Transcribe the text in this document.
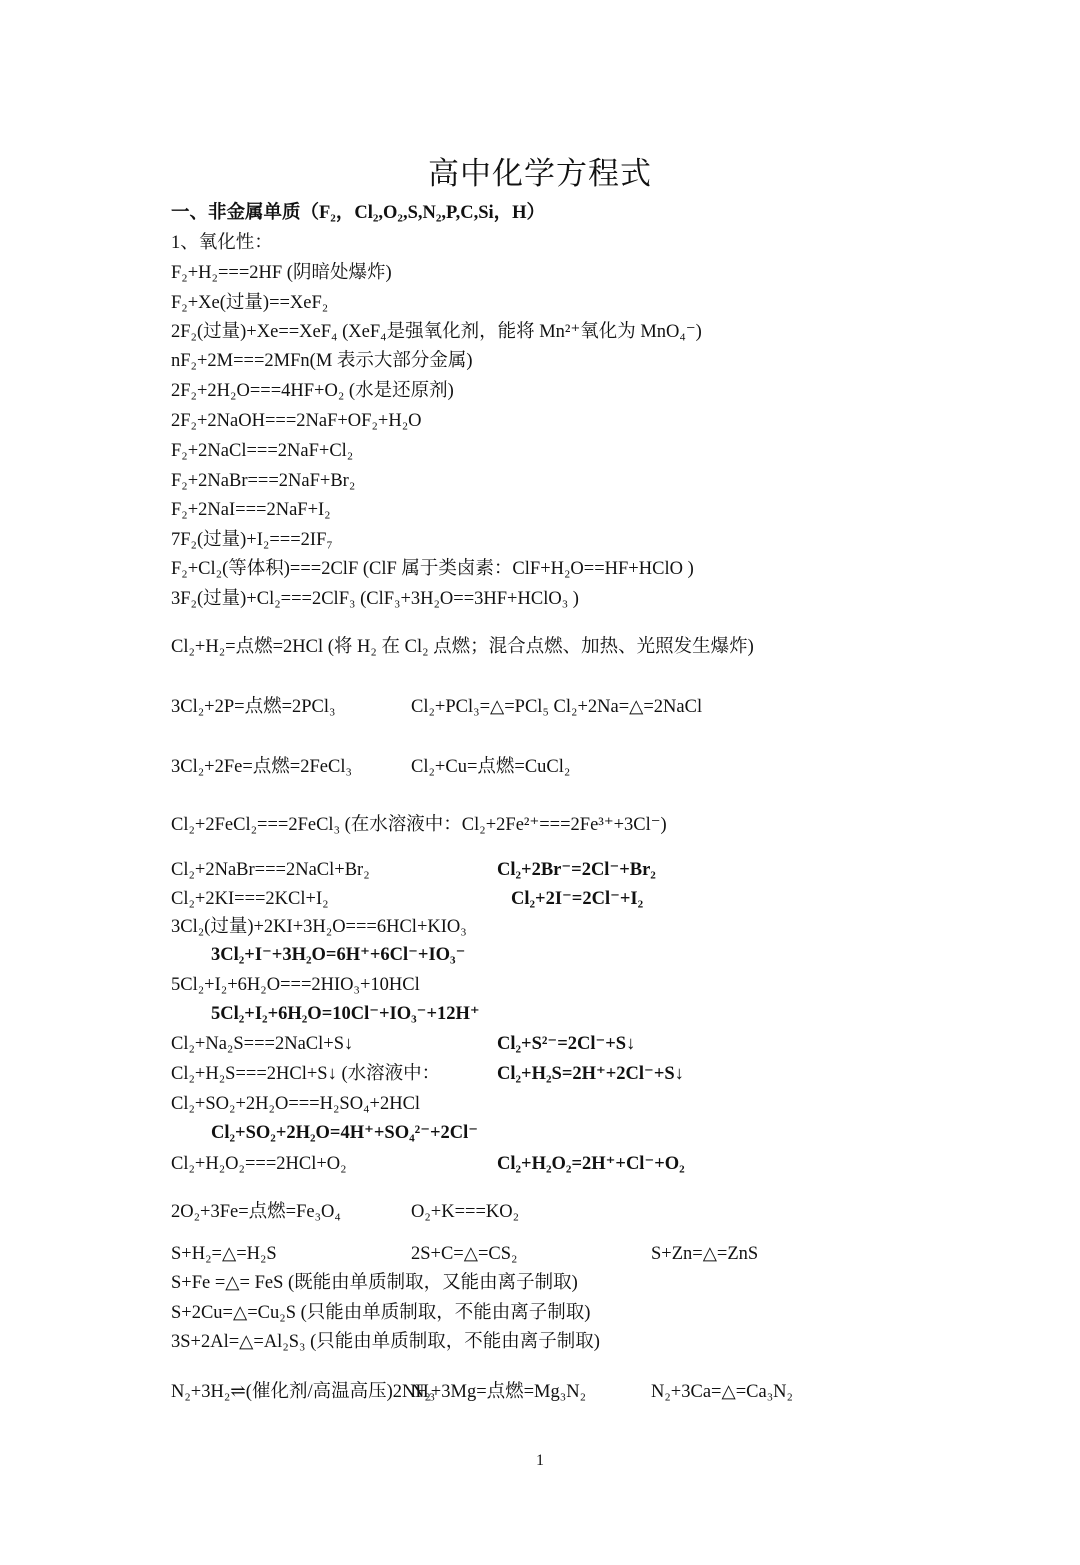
高中化学方程式
一、非金属单质（F₂，Cl₂,O₂,S,N₂,P,C,Si，H）
1、氧化性：
F₂+H₂===2HF (阴暗处爆炸)
F₂+Xe(过量)==XeF₂
2F₂(过量)+Xe==XeF₄ (XeF₄是强氧化剂，能将 Mn²⁺氧化为 MnO₄⁻)
nF₂+2M===2MFn(M 表示大部分金属)
2F₂+2H₂O===4HF+O₂ (水是还原剂)
2F₂+2NaOH===2NaF+OF₂+H₂O
F₂+2NaCl===2NaF+Cl₂
F₂+2NaBr===2NaF+Br₂
F₂+2NaI===2NaF+I₂
7F₂(过量)+I₂===2IF₇
F₂+Cl₂(等体积)===2ClF (ClF 属于类卤素：ClF+H₂O==HF+HClO )
3F₂(过量)+Cl₂===2ClF₃ (ClF₃+3H₂O==3HF+HClO₃ )
Cl₂+H₂=点燃=2HCl (将 H₂ 在 Cl₂ 点燃；混合点燃、加热、光照发生爆炸)
3Cl₂+2P=点燃=2PCl₃	Cl₂+PCl₃=△=PCl₅ Cl₂+2Na=△=2NaCl
3Cl₂+2Fe=点燃=2FeCl₃	Cl₂+Cu=点燃=CuCl₂
Cl₂+2FeCl₂===2FeCl₃ (在水溶液中：Cl₂+2Fe²⁺===2Fe³⁺+3Cl⁻)
Cl₂+2NaBr===2NaCl+Br₂	Cl₂+2Br⁻=2Cl⁻+Br₂
Cl₂+2KI===2KCl+I₂	Cl₂+2I⁻=2Cl⁻+I₂
3Cl₂(过量)+2KI+3H₂O===6HCl+KIO₃
3Cl₂+I⁻+3H₂O=6H⁺+6Cl⁻+IO₃⁻
5Cl₂+I₂+6H₂O===2HIO₃+10HCl
5Cl₂+I₂+6H₂O=10Cl⁻+IO₃⁻+12H⁺
Cl₂+Na₂S===2NaCl+S↓	Cl₂+S²⁻=2Cl⁻+S↓
Cl₂+H₂S===2HCl+S↓ (水溶液中：	Cl₂+H₂S=2H⁺+2Cl⁻+S↓
Cl₂+SO₂+2H₂O===H₂SO₄+2HCl
Cl₂+SO₂+2H₂O=4H⁺+SO₄²⁻+2Cl⁻
Cl₂+H₂O₂===2HCl+O₂	Cl₂+H₂O₂=2H⁺+Cl⁻+O₂
2O₂+3Fe=点燃=Fe₃O₄	O₂+K===KO₂
S+H₂=△=H₂S	2S+C=△=CS₂	S+Zn=△=ZnS
S+Fe =△= FeS (既能由单质制取，又能由离子制取)
S+2Cu=△=Cu₂S (只能由单质制取，不能由离子制取)
3S+2Al=△=Al₂S₃ (只能由单质制取，不能由离子制取)
N₂+3H₂⇌(催化剂/高温高压)2NH₃
N₂+3Mg=点燃=Mg₃N₂	N₂+3Ca=△=Ca₃N₂
1
